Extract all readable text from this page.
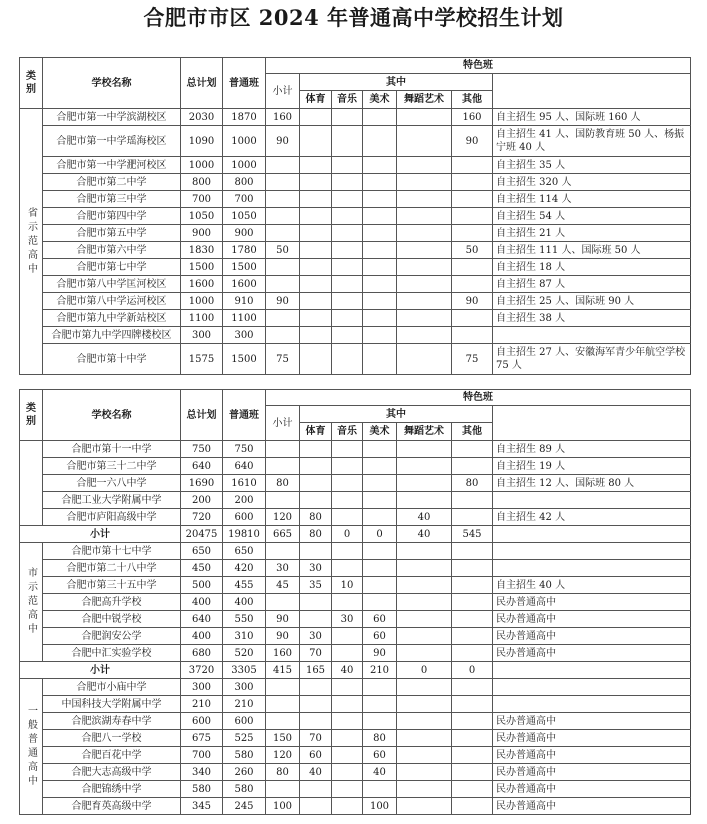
合肥市市区 2024 年普通高中学校招生计划
类别	学校名称	总计划	普通班	特色班	
				小计	其中						
					体育	音乐	美术	舞蹈艺术	其他		
省示范高中	合肥市第一中学滨湖校区	2030	1870	160					160	自主招生 95 人、国际班 160 人	
	合肥市第一中学瑶海校区	1090	1000	90					90	自主招生 41 人、国防教育班 50 人、杨振宁班 40 人	
	合肥市第一中学淝河校区	1000	1000							自主招生 35 人	
	合肥市第二中学	800	800							自主招生 320 人	
	合肥市第三中学	700	700							自主招生 114 人	
	合肥市第四中学	1050	1050							自主招生 54 人	
	合肥市第五中学	900	900							自主招生 21 人	
	合肥市第六中学	1830	1780	50					50	自主招生 111 人、国际班 50 人	
	合肥市第七中学	1500	1500							自主招生 18 人	
	合肥市第八中学匡河校区	1600	1600							自主招生 87 人	
	合肥市第八中学运河校区	1000	910	90					90	自主招生 25 人、国际班 90 人	
	合肥市第九中学新站校区	1100	1100							自主招生 38 人	
	合肥市第九中学四牌楼校区	300	300								
	合肥市第十中学	1575	1500	75					75	自主招生 27 人、安徽海军青少年航空学校 75 人	
类别	学校名称	总计划	普通班	特色班	
				小计	其中						
					体育	音乐	美术	舞蹈艺术	其他		
	合肥市第十一中学	750	750							自主招生 89 人	
	合肥市第三十二中学	640	640							自主招生 19 人	
	合肥一六八中学	1690	1610	80					80	自主招生 12 人、国际班 80 人	
	合肥工业大学附属中学	200	200								
	合肥市庐阳高级中学	720	600	120	80			40		自主招生 42 人	
小计		20475	19810	665	80	0	0	40	545		
市示范高中	合肥市第十七中学	650	650								
	合肥市第二十八中学	450	420	30	30						
	合肥市第三十五中学	500	455	45	35	10				自主招生 40 人	
	合肥高升学校	400	400							民办普通高中	
	合肥中锐学校	640	550	90		30	60			民办普通高中	
	合肥润安公学	400	310	90	30		60			民办普通高中	
	合肥中汇实验学校	680	520	160	70		90			民办普通高中	
小计		3720	3305	415	165	40	210	0	0		
一般普通高中	合肥市小庙中学	300	300								
	中国科技大学附属中学	210	210								
	合肥滨湖寿春中学	600	600							民办普通高中	
	合肥八一学校	675	525	150	70		80			民办普通高中	
	合肥百花中学	700	580	120	60		60			民办普通高中	
	合肥大志高级中学	340	260	80	40		40			民办普通高中	
	合肥锦绣中学	580	580							民办普通高中	
	合肥育英高级中学	345	245	100			100			民办普通高中	
